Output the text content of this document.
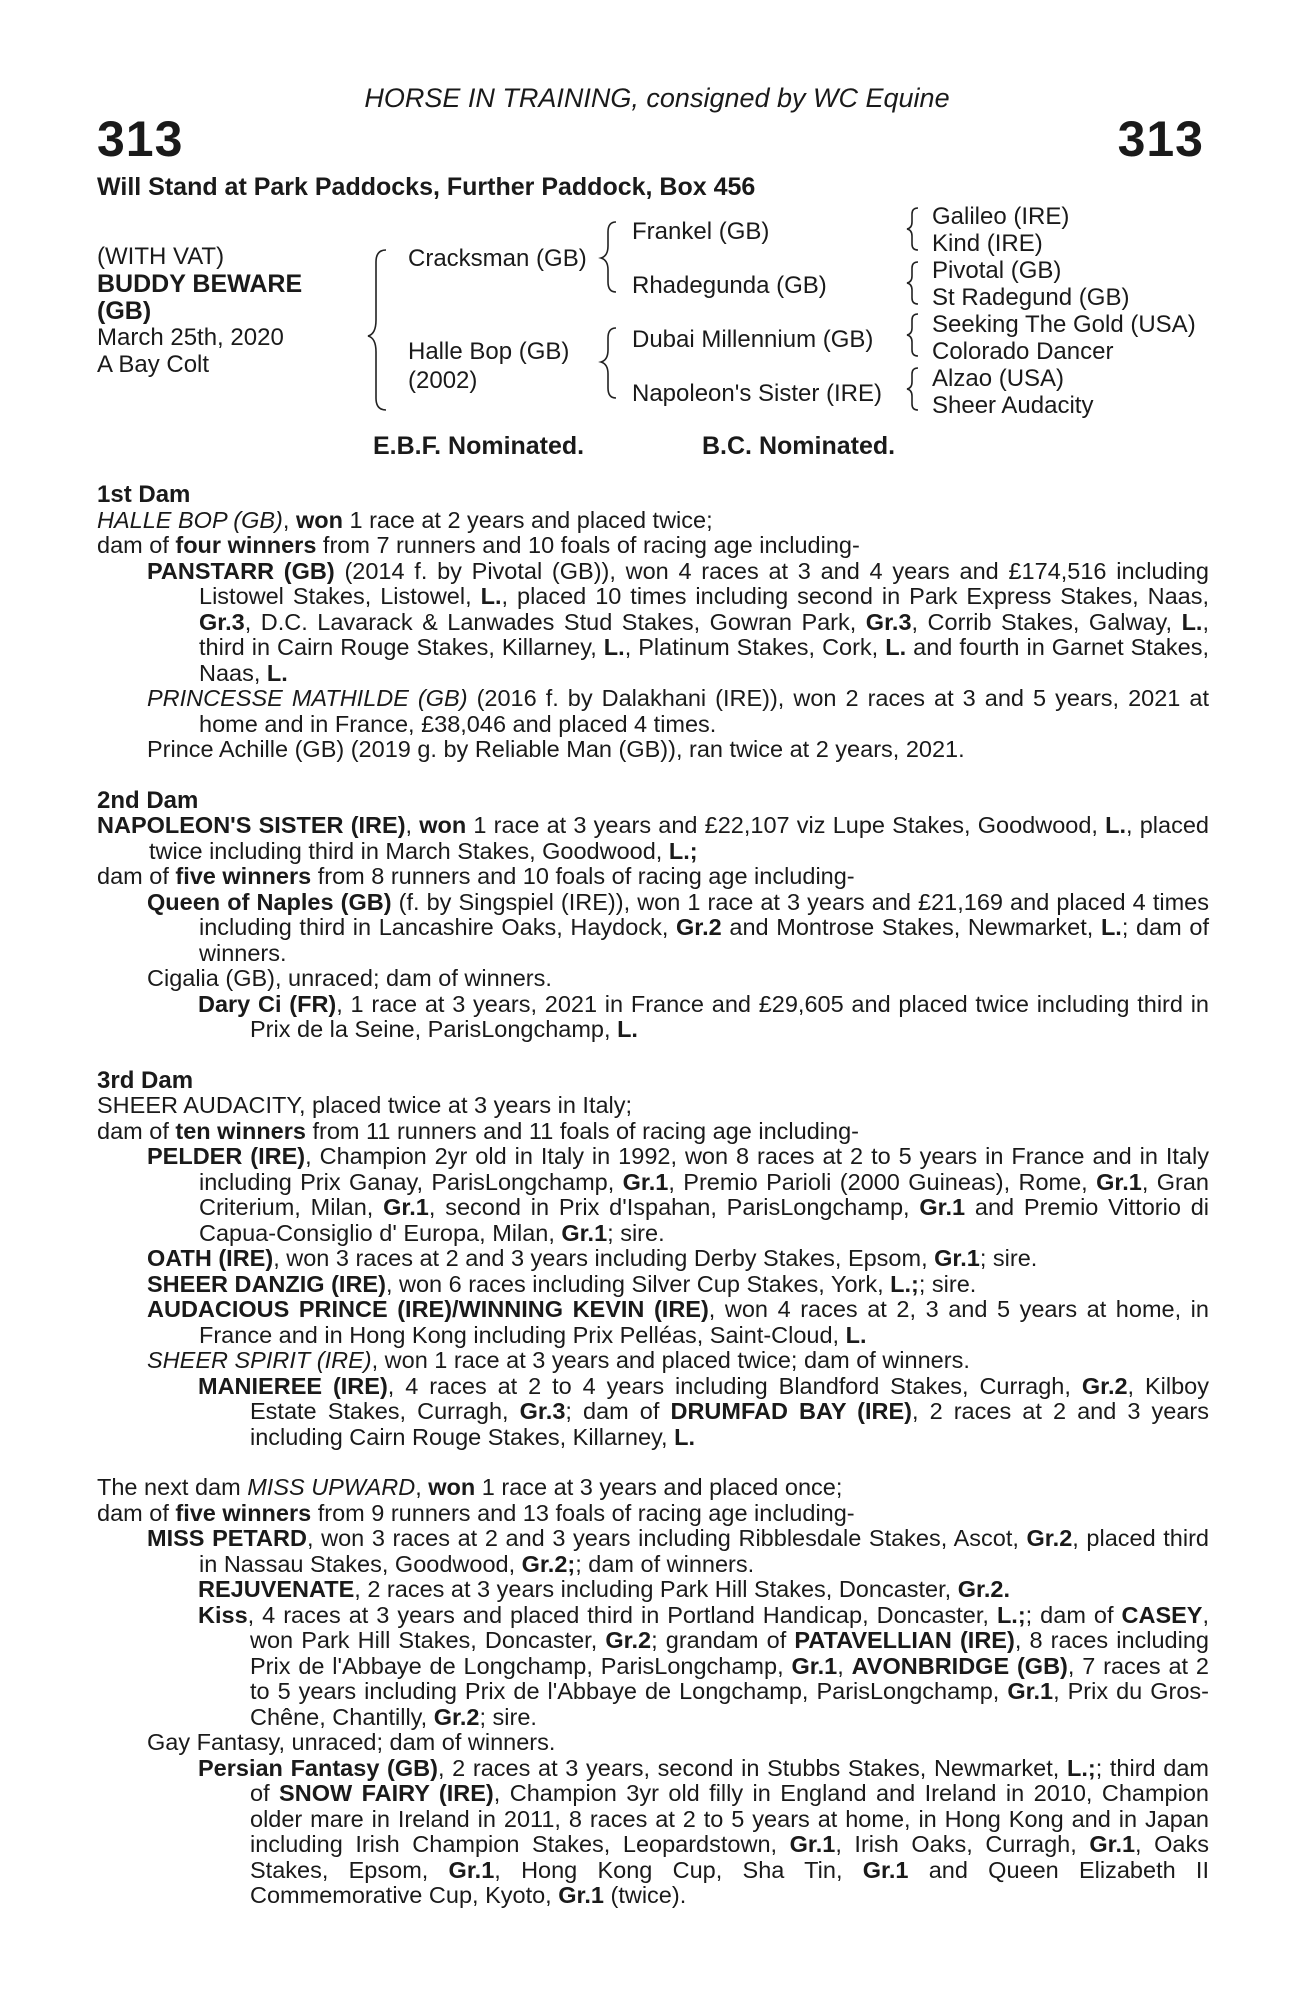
HORSE IN TRAINING, consigned by WC Equine
313	313
Will Stand at Park Paddocks, Further Paddock, Box 456
(WITH VAT)
BUDDY BEWARE
(GB)
March 25th, 2020
A Bay Colt
Cracksman (GB)
Halle Bop (GB)
(2002)
Frankel (GB)
Rhadegunda (GB)
Dubai Millennium (GB)
Napoleon's Sister (IRE)
Galileo (IRE)
Kind (IRE)
Pivotal (GB)
St Radegund (GB)
Seeking The Gold (USA)
Colorado Dancer
Alzao (USA)
Sheer Audacity
E.B.F. Nominated.	B.C. Nominated.

1st Dam

HALLE BOP (GB), won 1 race at 2 years and placed twice;

dam of four winners from 7 runners and 10 foals of racing age including-

PANSTARR (GB) (2014 f. by Pivotal (GB)), won 4 races at 3 and 4 years and £174,516 including Listowel Stakes, Listowel, L., placed 10 times including second in Park Express Stakes, Naas, Gr.3, D.C. Lavarack & Lanwades Stud Stakes, Gowran Park, Gr.3, Corrib Stakes, Galway, L., third in Cairn Rouge Stakes, Killarney, L., Platinum Stakes, Cork, L. and fourth in Garnet Stakes, Naas, L.

PRINCESSE MATHILDE (GB) (2016 f. by Dalakhani (IRE)), won 2 races at 3 and 5 years, 2021 at home and in France, £38,046 and placed 4 times.

Prince Achille (GB) (2019 g. by Reliable Man (GB)), ran twice at 2 years, 2021.

2nd Dam

NAPOLEON'S SISTER (IRE), won 1 race at 3 years and £22,107 viz Lupe Stakes, Goodwood, L., placed twice including third in March Stakes, Goodwood, L.;

dam of five winners from 8 runners and 10 foals of racing age including-

Queen of Naples (GB) (f. by Singspiel (IRE)), won 1 race at 3 years and £21,169 and placed 4 times including third in Lancashire Oaks, Haydock, Gr.2 and Montrose Stakes, Newmarket, L.; dam of winners.

Cigalia (GB), unraced; dam of winners.

Dary Ci (FR), 1 race at 3 years, 2021 in France and £29,605 and placed twice including third in Prix de la Seine, ParisLongchamp, L.

3rd Dam

SHEER AUDACITY, placed twice at 3 years in Italy;

dam of ten winners from 11 runners and 11 foals of racing age including-

PELDER (IRE), Champion 2yr old in Italy in 1992, won 8 races at 2 to 5 years in France and in Italy including Prix Ganay, ParisLongchamp, Gr.1, Premio Parioli (2000 Guineas), Rome, Gr.1, Gran Criterium, Milan, Gr.1, second in Prix d'Ispahan, ParisLongchamp, Gr.1 and Premio Vittorio di Capua-Consiglio d' Europa, Milan, Gr.1; sire.

OATH (IRE), won 3 races at 2 and 3 years including Derby Stakes, Epsom, Gr.1; sire.

SHEER DANZIG (IRE), won 6 races including Silver Cup Stakes, York, L.;; sire.

AUDACIOUS PRINCE (IRE)/WINNING KEVIN (IRE), won 4 races at 2, 3 and 5 years at home, in France and in Hong Kong including Prix Pelléas, Saint-Cloud, L.

SHEER SPIRIT (IRE), won 1 race at 3 years and placed twice; dam of winners.

MANIEREE (IRE), 4 races at 2 to 4 years including Blandford Stakes, Curragh, Gr.2, Kilboy Estate Stakes, Curragh, Gr.3; dam of DRUMFAD BAY (IRE), 2 races at 2 and 3 years including Cairn Rouge Stakes, Killarney, L.

The next dam MISS UPWARD, won 1 race at 3 years and placed once;

dam of five winners from 9 runners and 13 foals of racing age including-

MISS PETARD, won 3 races at 2 and 3 years including Ribblesdale Stakes, Ascot, Gr.2, placed third in Nassau Stakes, Goodwood, Gr.2;; dam of winners.

REJUVENATE, 2 races at 3 years including Park Hill Stakes, Doncaster, Gr.2.

Kiss, 4 races at 3 years and placed third in Portland Handicap, Doncaster, L.;; dam of CASEY, won Park Hill Stakes, Doncaster, Gr.2; grandam of PATAVELLIAN (IRE), 8 races including Prix de l'Abbaye de Longchamp, ParisLongchamp, Gr.1, AVONBRIDGE (GB), 7 races at 2 to 5 years including Prix de l'Abbaye de Longchamp, ParisLongchamp, Gr.1, Prix du Gros-Chêne, Chantilly, Gr.2; sire.

Gay Fantasy, unraced; dam of winners.

Persian Fantasy (GB), 2 races at 3 years, second in Stubbs Stakes, Newmarket, L.;; third dam of SNOW FAIRY (IRE), Champion 3yr old filly in England and Ireland in 2010, Champion older mare in Ireland in 2011, 8 races at 2 to 5 years at home, in Hong Kong and in Japan including Irish Champion Stakes, Leopardstown, Gr.1, Irish Oaks, Curragh, Gr.1, Oaks Stakes, Epsom, Gr.1, Hong Kong Cup, Sha Tin, Gr.1 and Queen Elizabeth II Commemorative Cup, Kyoto, Gr.1 (twice).
